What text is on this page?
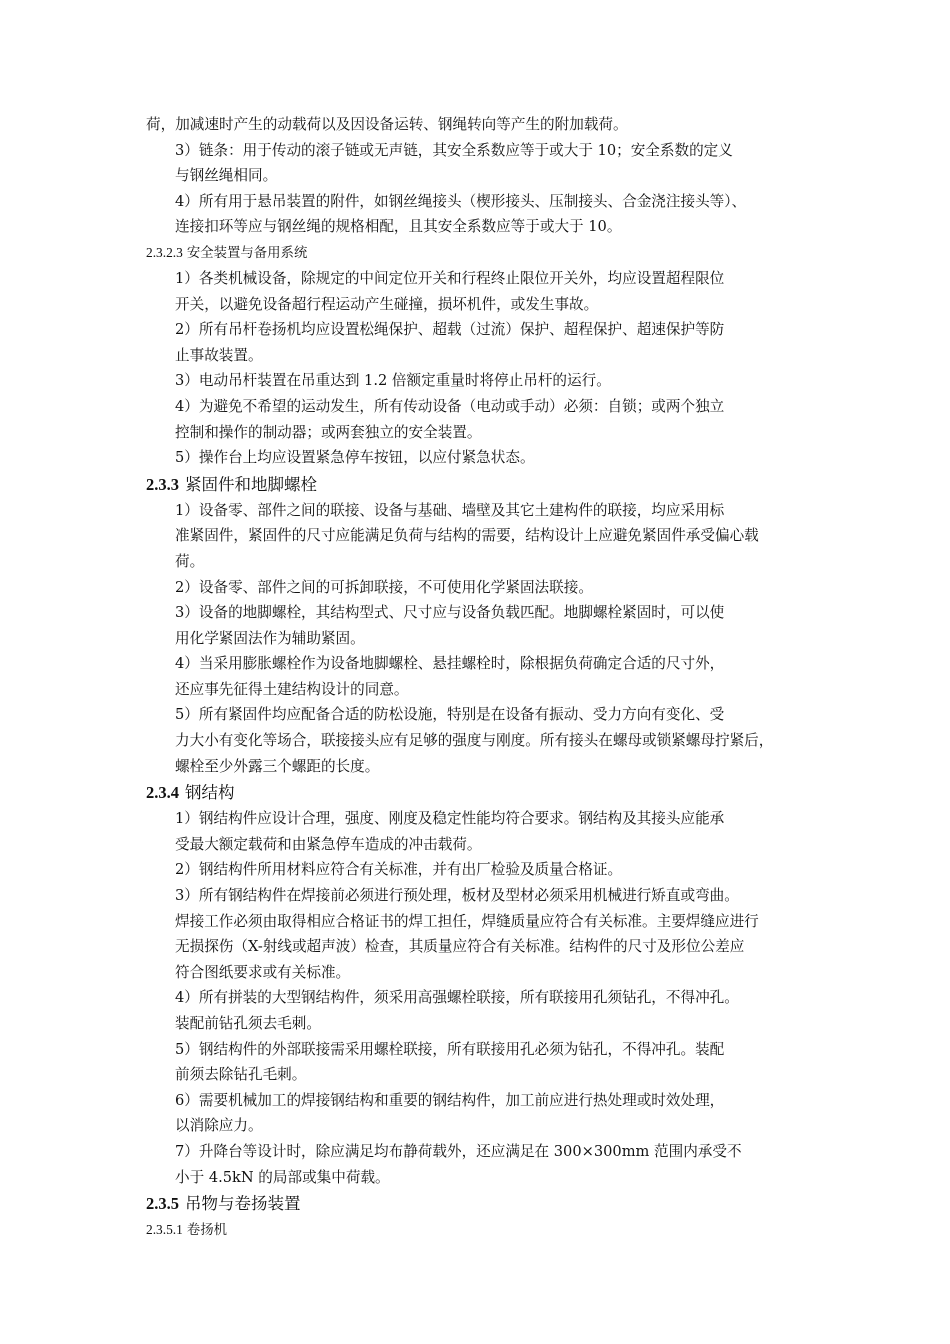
荷，加减速时产生的动载荷以及因设备运转、钢绳转向等产生的附加载荷。
3）链条：用于传动的滚子链或无声链，其安全系数应等于或大于 10；安全系数的定义
与钢丝绳相同。
4）所有用于悬吊装置的附件，如钢丝绳接头（楔形接头、压制接头、合金浇注接头等）、
连接扣环等应与钢丝绳的规格相配，且其安全系数应等于或大于 10。
2.3.2.3 安全装置与备用系统
1）各类机械设备，除规定的中间定位开关和行程终止限位开关外，均应设置超程限位
开关，以避免设备超行程运动产生碰撞，损坏机件，或发生事故。
2）所有吊杆卷扬机均应设置松绳保护、超载（过流）保护、超程保护、超速保护等防
止事故装置。
3）电动吊杆装置在吊重达到 1.2 倍额定重量时将停止吊杆的运行。
4）为避免不希望的运动发生，所有传动设备（电动或手动）必须：自锁；或两个独立
控制和操作的制动器；或两套独立的安全装置。
5）操作台上均应设置紧急停车按钮，以应付紧急状态。
2.3.3 紧固件和地脚螺栓
1）设备零、部件之间的联接、设备与基础、墙壁及其它土建构件的联接，均应采用标
准紧固件，紧固件的尺寸应能满足负荷与结构的需要，结构设计上应避免紧固件承受偏心载
荷。
2）设备零、部件之间的可拆卸联接，不可使用化学紧固法联接。
3）设备的地脚螺栓，其结构型式、尺寸应与设备负载匹配。地脚螺栓紧固时，可以使
用化学紧固法作为辅助紧固。
4）当采用膨胀螺栓作为设备地脚螺栓、悬挂螺栓时，除根据负荷确定合适的尺寸外，
还应事先征得土建结构设计的同意。
5）所有紧固件均应配备合适的防松设施，特别是在设备有振动、受力方向有变化、受
力大小有变化等场合，联接接头应有足够的强度与刚度。所有接头在螺母或锁紧螺母拧紧后，
螺栓至少外露三个螺距的长度。
2.3.4 钢结构
1）钢结构件应设计合理，强度、刚度及稳定性能均符合要求。钢结构及其接头应能承
受最大额定载荷和由紧急停车造成的冲击载荷。
2）钢结构件所用材料应符合有关标准，并有出厂检验及质量合格证。
3）所有钢结构件在焊接前必须进行预处理，板材及型材必须采用机械进行矫直或弯曲。
焊接工作必须由取得相应合格证书的焊工担任，焊缝质量应符合有关标准。主要焊缝应进行
无损探伤（X-射线或超声波）检查，其质量应符合有关标准。结构件的尺寸及形位公差应
符合图纸要求或有关标准。
4）所有拼装的大型钢结构件，须采用高强螺栓联接，所有联接用孔须钻孔，不得冲孔。
装配前钻孔须去毛刺。
5）钢结构件的外部联接需采用螺栓联接，所有联接用孔必须为钻孔，不得冲孔。装配
前须去除钻孔毛刺。
6）需要机械加工的焊接钢结构和重要的钢结构件，加工前应进行热处理或时效处理，
以消除应力。
7）升降台等设计时，除应满足均布静荷载外，还应满足在 300×300mm 范围内承受不
小于 4.5kN 的局部或集中荷载。
2.3.5 吊物与卷扬装置
2.3.5.1 卷扬机
